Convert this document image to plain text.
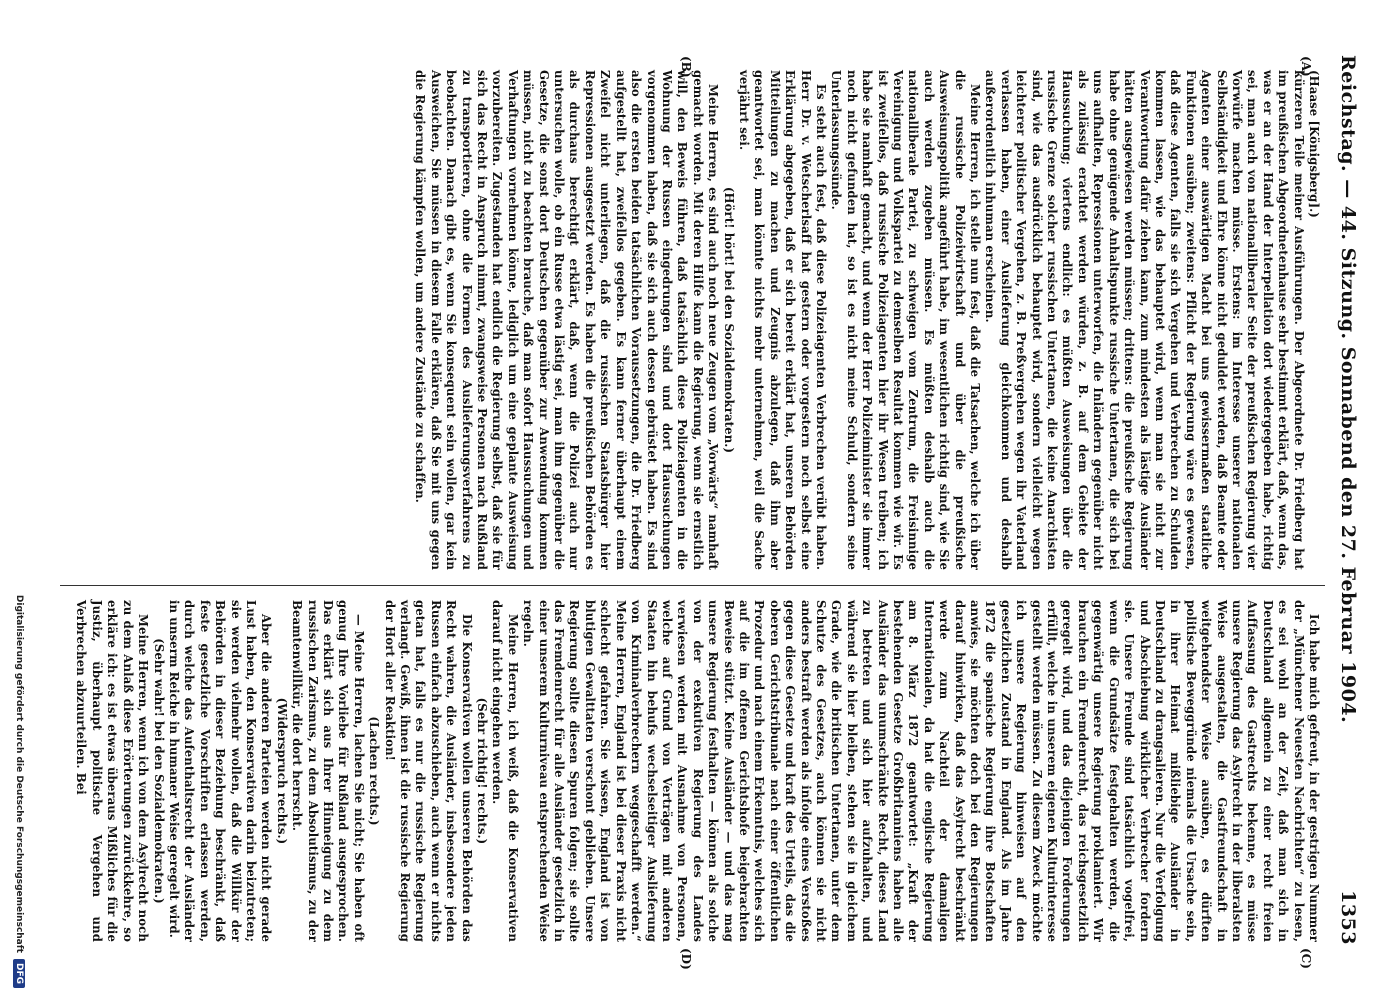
Reichstag. — 44. Sitzung. Sonnabend den 27. Februar 1904.
1353
(A)
(B)
(C)
(D)

(Haase [Königsberg].)

kürzeren Teile meiner Ausführungen. Der Abgeordnete Dr. Friedberg hat im preußischen Abgeordnetenhause sehr bestimmt erklärt, daß, wenn das, was er an der Hand der Interpellation dort wiedergegeben habe, richtig sei, man auch von nationalliberaler Seite der preußischen Regierung vier Vorwürfe machen müsse. Erstens: im Interesse unserer nationalen Selbständigkeit und Ehre könne nicht geduldet werden, daß Beamte oder Agenten einer auswärtigen Macht bei uns gewissermaßen staatliche Funktionen ausüben; zweitens: Pflicht der Regierung wäre es gewesen, daß diese Agenten, falls sie sich Vergehen und Verbrechen zu Schulden kommen lassen, wie das behauptet wird, wenn man sie nicht zur Verantwortung dafür ziehen kann, zum mindesten als lästige Ausländer hätten ausgewiesen werden müssen; drittens: die preußische Regierung habe ohne genügende Anhaltspunkte russische Untertanen, die sich bei uns aufhalten, Repressionen unterworfen, die Inländern gegenüber nicht als zulässig erachtet werden würden, z. B. auf dem Gebiete der Haussuchung; viertens endlich: es müßten Ausweisungen über die russische Grenze solcher russischen Untertanen, die keine Anarchisten sind, wie das ausdrücklich behauptet wird, sondern vielleicht wegen leichterer politischer Vergehen, z. B. Preßvergehen wegen ihr Vaterland verlassen haben, einer Auslieferung gleichkommen und deshalb außerordentlich inhuman erscheinen.

Meine Herren, ich stelle nun fest, daß die Tatsachen, welche ich über die russische Polizeiwirtschaft und über die preußische Ausweisungspolitik angeführt habe, im wesentlichen richtig sind, wie Sie auch werden zugeben müssen. Es müßten deshalb auch die nationalliberale Partei, zu schweigen vom Zentrum, die Freisinnige Vereinigung und Volkspartei zu demselben Resultat kommen wie wir. Es ist zweifellos, daß russische Polizeiagenten hier ihr Wesen treiben; ich habe sie namhaft gemacht, und wenn der Herr Polizeiminister sie immer noch nicht gefunden hat, so ist es nicht meine Schuld, sondern seine Unterlassungssünde.

Es steht auch fest, daß diese Polizeiagenten Verbrechen verübt haben. Herr Dr. v. Wetscherlsaff hat gestern oder vorgestern noch selbst eine Erklärung abgegeben, daß er sich bereit erklärt hat, unseren Behörden Mitteilungen zu machen und Zeugnis abzulegen, daß ihm aber geantwortet sei, man könnte nichts mehr unternehmen, weil die Sache verjährt sei.

(Hört! hört! bei den Sozialdemokraten.)

Meine Herren, es sind auch noch neue Zeugen vom „Vorwärts“ namhaft gemacht worden. Mit deren Hilfe kann die Regierung, wenn sie ernstlich will, den Beweis führen, daß tatsächlich diese Polizeiagenten in die Wohnung der Russen eingedrungen sind und dort Haussuchungen vorgenommen haben, daß sie sich auch dessen gebrüstet haben. Es sind also die ersten beiden tatsächlichen Voraussetzungen, die Dr. Friedberg aufgestellt hat, zweifellos gegeben. Es kann ferner überhaupt einem Zweifel nicht unterliegen, daß die russischen Staatsbürger hier Repressionen ausgesetzt werden. Es haben die preußischen Behörden es als durchaus berechtigt erklärt, daß, wenn die Polizei auch nur untersuchen wolle, ob ein Russe etwa lästig sei, man ihm gegenüber die Gesetze, die sonst dort Deutschen gegenüber zur Anwendung kommen müssen, nicht zu beachten brauche, daß man sofort Haussuchungen und Verhaftungen vornehmen könne, lediglich um eine geplante Ausweisung vorzubereiten. Zugestanden hat endlich die Regierung selbst, daß sie für sich das Recht in Anspruch nimmt, zwangsweise Personen nach Rußland zu transportieren, ohne die Formen des Auslieferungsverfahrens zu beobachten. Danach gibt es, wenn Sie konsequent sein wollen, gar kein Ausweichen, Sie müssen in diesem Falle erklären, daß Sie mit uns gegen die Regierung kämpfen wollen, um andere Zustände zu schaffen.

Ich habe mich gefreut, in der gestrigen Nummer der „Münchener Neuesten Nachrichten“ zu lesen, es sei wohl an der Zeit, daß man sich in Deutschland allgemein zu einer recht freien Auffassung des Gastrechts bekenne, es müsse unsere Regierung das Asylrecht in der liberalsten Weise ausgestalten, die Gastfreundschaft in weitgehendster Weise ausüben, es dürften politische Beweggründe niemals die Ursache sein, in ihrer Heimat mißliebige Ausländer in Deutschland zu drangsalieren. Nur die Verfolgung und Abschiebung wirklicher Verbrecher fordern sie. Unsere Freunde sind tatsächlich vogelfrei, wenn die Grundsätze festgehalten werden, die gegenwärtig unsere Regierung proklamiert. Wir brauchen ein Fremdenrecht, das reichsgesetzlich geregelt wird, und das diejenigen Forderungen erfüllt, welche in unserem eigenen Kulturinteresse gestellt werden müssen. Zu diesem Zweck möchte ich unsere Regierung hinweisen auf den gesetzlichen Zustand in England. Als im Jahre 1872 die spanische Regierung ihre Botschaften anwies, sie möchten doch bei den Regierungen darauf hinwirken, daß das Asylrecht beschränkt werde zum Nachteil der damaligen Internationalen, da hat die englische Regierung am 8. März 1872 geantwortet: „Kraft der bestehenden Gesetze Großbritanniens haben alle Ausländer das unumschränkte Recht, dieses Land zu betreten und sich hier aufzuhalten, und während sie hier bleiben, stehen sie in gleichem Grade, wie die britischen Untertanen, unter dem Schutze des Gesetzes, auch können sie nicht anders bestraft werden als infolge eines Verstoßes gegen diese Gesetze und kraft des Urteils, das die oberen Gerichtstribunale nach einer öffentlichen Prozedur und nach einem Erkenntnis, welches sich auf die im offenen Gerichtshofe beigebrachten Beweise stützt. Keine Ausländer — und das mag unsere Regierung festhalten — können als solche von der exekutiven Regierung des Landes verwiesen werden mit Ausnahme von Personen, welche auf Grund von Verträgen mit anderen Staaten hin behufs wechselseitiger Auslieferung von Kriminalverbrechern weggeschafft werden.“ Meine Herren, England ist bei dieser Praxis nicht schlecht gefahren. Sie wissen, England ist von blutigen Gewalttaten verschont geblieben. Unsere Regierung sollte diesen Spuren folgen; sie sollte das Fremdenrecht für alle Ausländer gesetzlich in einer unserem Kulturniveau entsprechenden Weise regeln.

Meine Herren, ich weiß, daß die Konservativen darauf nicht eingehen werden.

(Sehr richtig! rechts.)

Die Konservativen wollen unseren Behörden das Recht wahren, die Ausländer, insbesondere jeden Russen einfach abzuschieben, auch wenn er nichts getan hat, falls es nur die russische Regierung verlangt. Gewiß, ihnen ist die russische Regierung der Hort aller Reaktion!

(Lachen rechts.)

— Meine Herren, lachen Sie nicht; Sie haben oft genug Ihre Vorliebe für Rußland ausgesprochen. Das erklärt sich aus Ihrer Hinneigung zu dem russischen Zarismus, zu dem Absolutismus, zu der Beamtenwillkür, die dort herrscht.

(Widerspruch rechts.)

Aber die anderen Parteien werden nicht gerade Lust haben, den Konservativen darin beizutreten; sie werden vielmehr wollen, daß die Willkür der Behörden in dieser Beziehung beschränkt, daß feste gesetzliche Vorschriften erlassen werden, durch welche das Aufenthaltsrecht der Ausländer in unserm Reiche in humaner Weise geregelt wird.

(Sehr wahr! bei den Sozialdemokraten.)

Meine Herren, wenn ich von dem Asylrecht noch zu dem Anlaß diese Erörterungen zurückkehre, so erkläre ich: es ist etwas überaus Mißliches für die Justiz, überhaupt politische Vergehen und Verbrechen abzuurteilen. Bei

Digitalisierung gefördert durch die Deutsche Forschungsgemeinschaft
DFG
